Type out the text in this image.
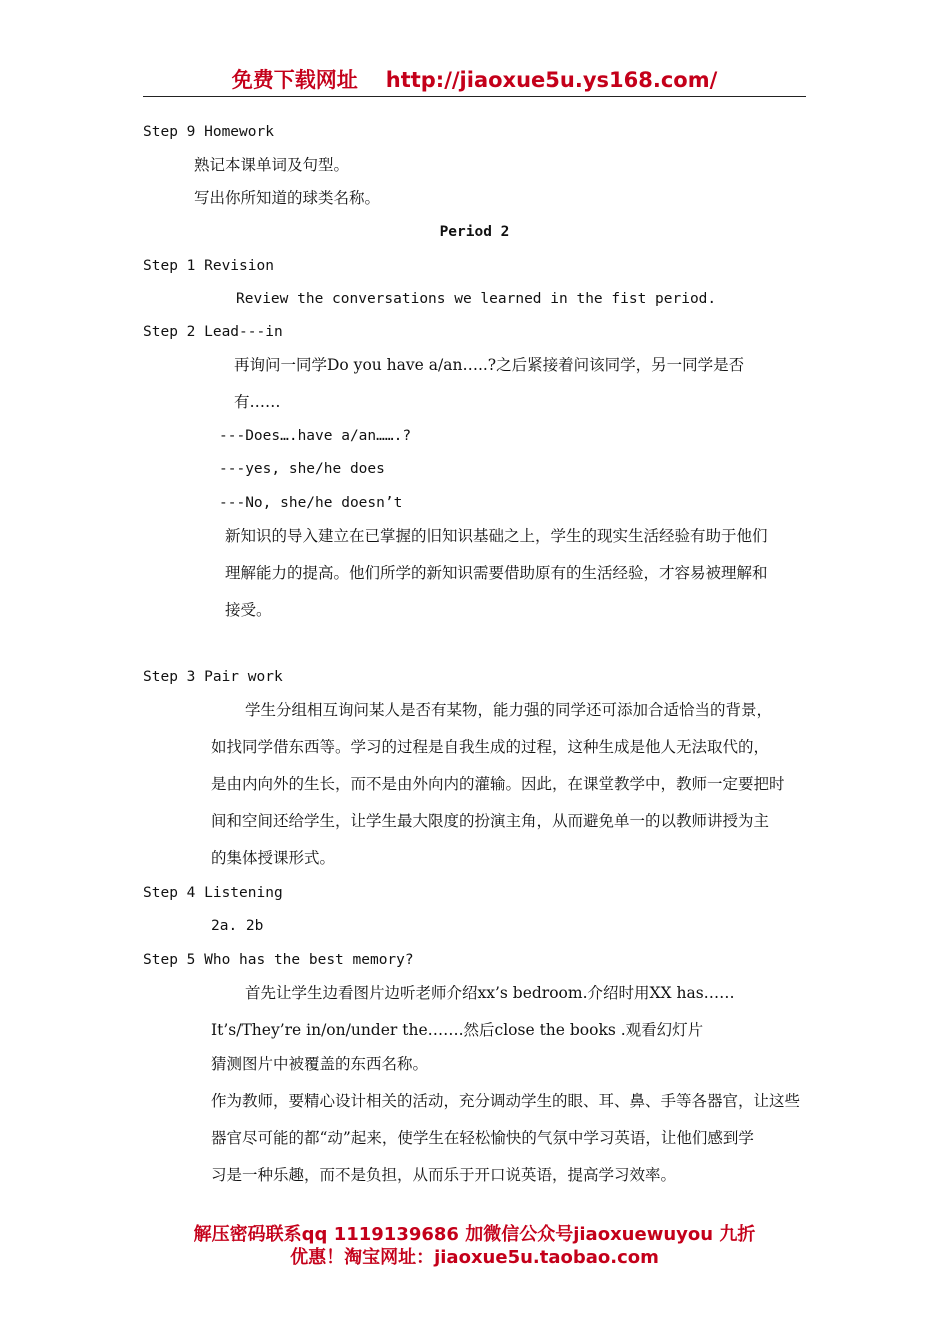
免费下载网址 http://jiaoxue5u.ys168.com/
Step 9 Homework
熟记本课单词及句型。
写出你所知道的球类名称。
Period 2
Step 1 Revision
Review the conversations we learned in the fist period.
Step 2 Lead---in
再询问一同学Do you have a/an…..?之后紧接着问该同学，另一同学是否
有……
---Does….have a/an…….?
---yes, she/he does
---No, she/he doesn’t
新知识的导入建立在已掌握的旧知识基础之上，学生的现实生活经验有助于他们
理解能力的提高。他们所学的新知识需要借助原有的生活经验，才容易被理解和
接受。
Step 3 Pair work
学生分组相互询问某人是否有某物，能力强的同学还可添加合适恰当的背景，
如找同学借东西等。学习的过程是自我生成的过程，这种生成是他人无法取代的，
是由内向外的生长，而不是由外向内的灌输。因此，在课堂教学中，教师一定要把时
间和空间还给学生，让学生最大限度的扮演主角，从而避免单一的以教师讲授为主
的集体授课形式。
Step 4 Listening
2a. 2b
Step 5 Who has the best memory?
首先让学生边看图片边听老师介绍xx’s bedroom.介绍时用XX has……
It’s/They’re in/on/under the…….然后close the books .观看幻灯片
猜测图片中被覆盖的东西名称。
作为教师，要精心设计相关的活动，充分调动学生的眼、耳、鼻、手等各器官，让这些
器官尽可能的都“动”起来，使学生在轻松愉快的气氛中学习英语，让他们感到学
习是一种乐趣，而不是负担，从而乐于开口说英语，提高学习效率。
解压密码联系qq 1119139686 加微信公众号jiaoxuewuyou 九折
优惠！淘宝网址：jiaoxue5u.taobao.com
